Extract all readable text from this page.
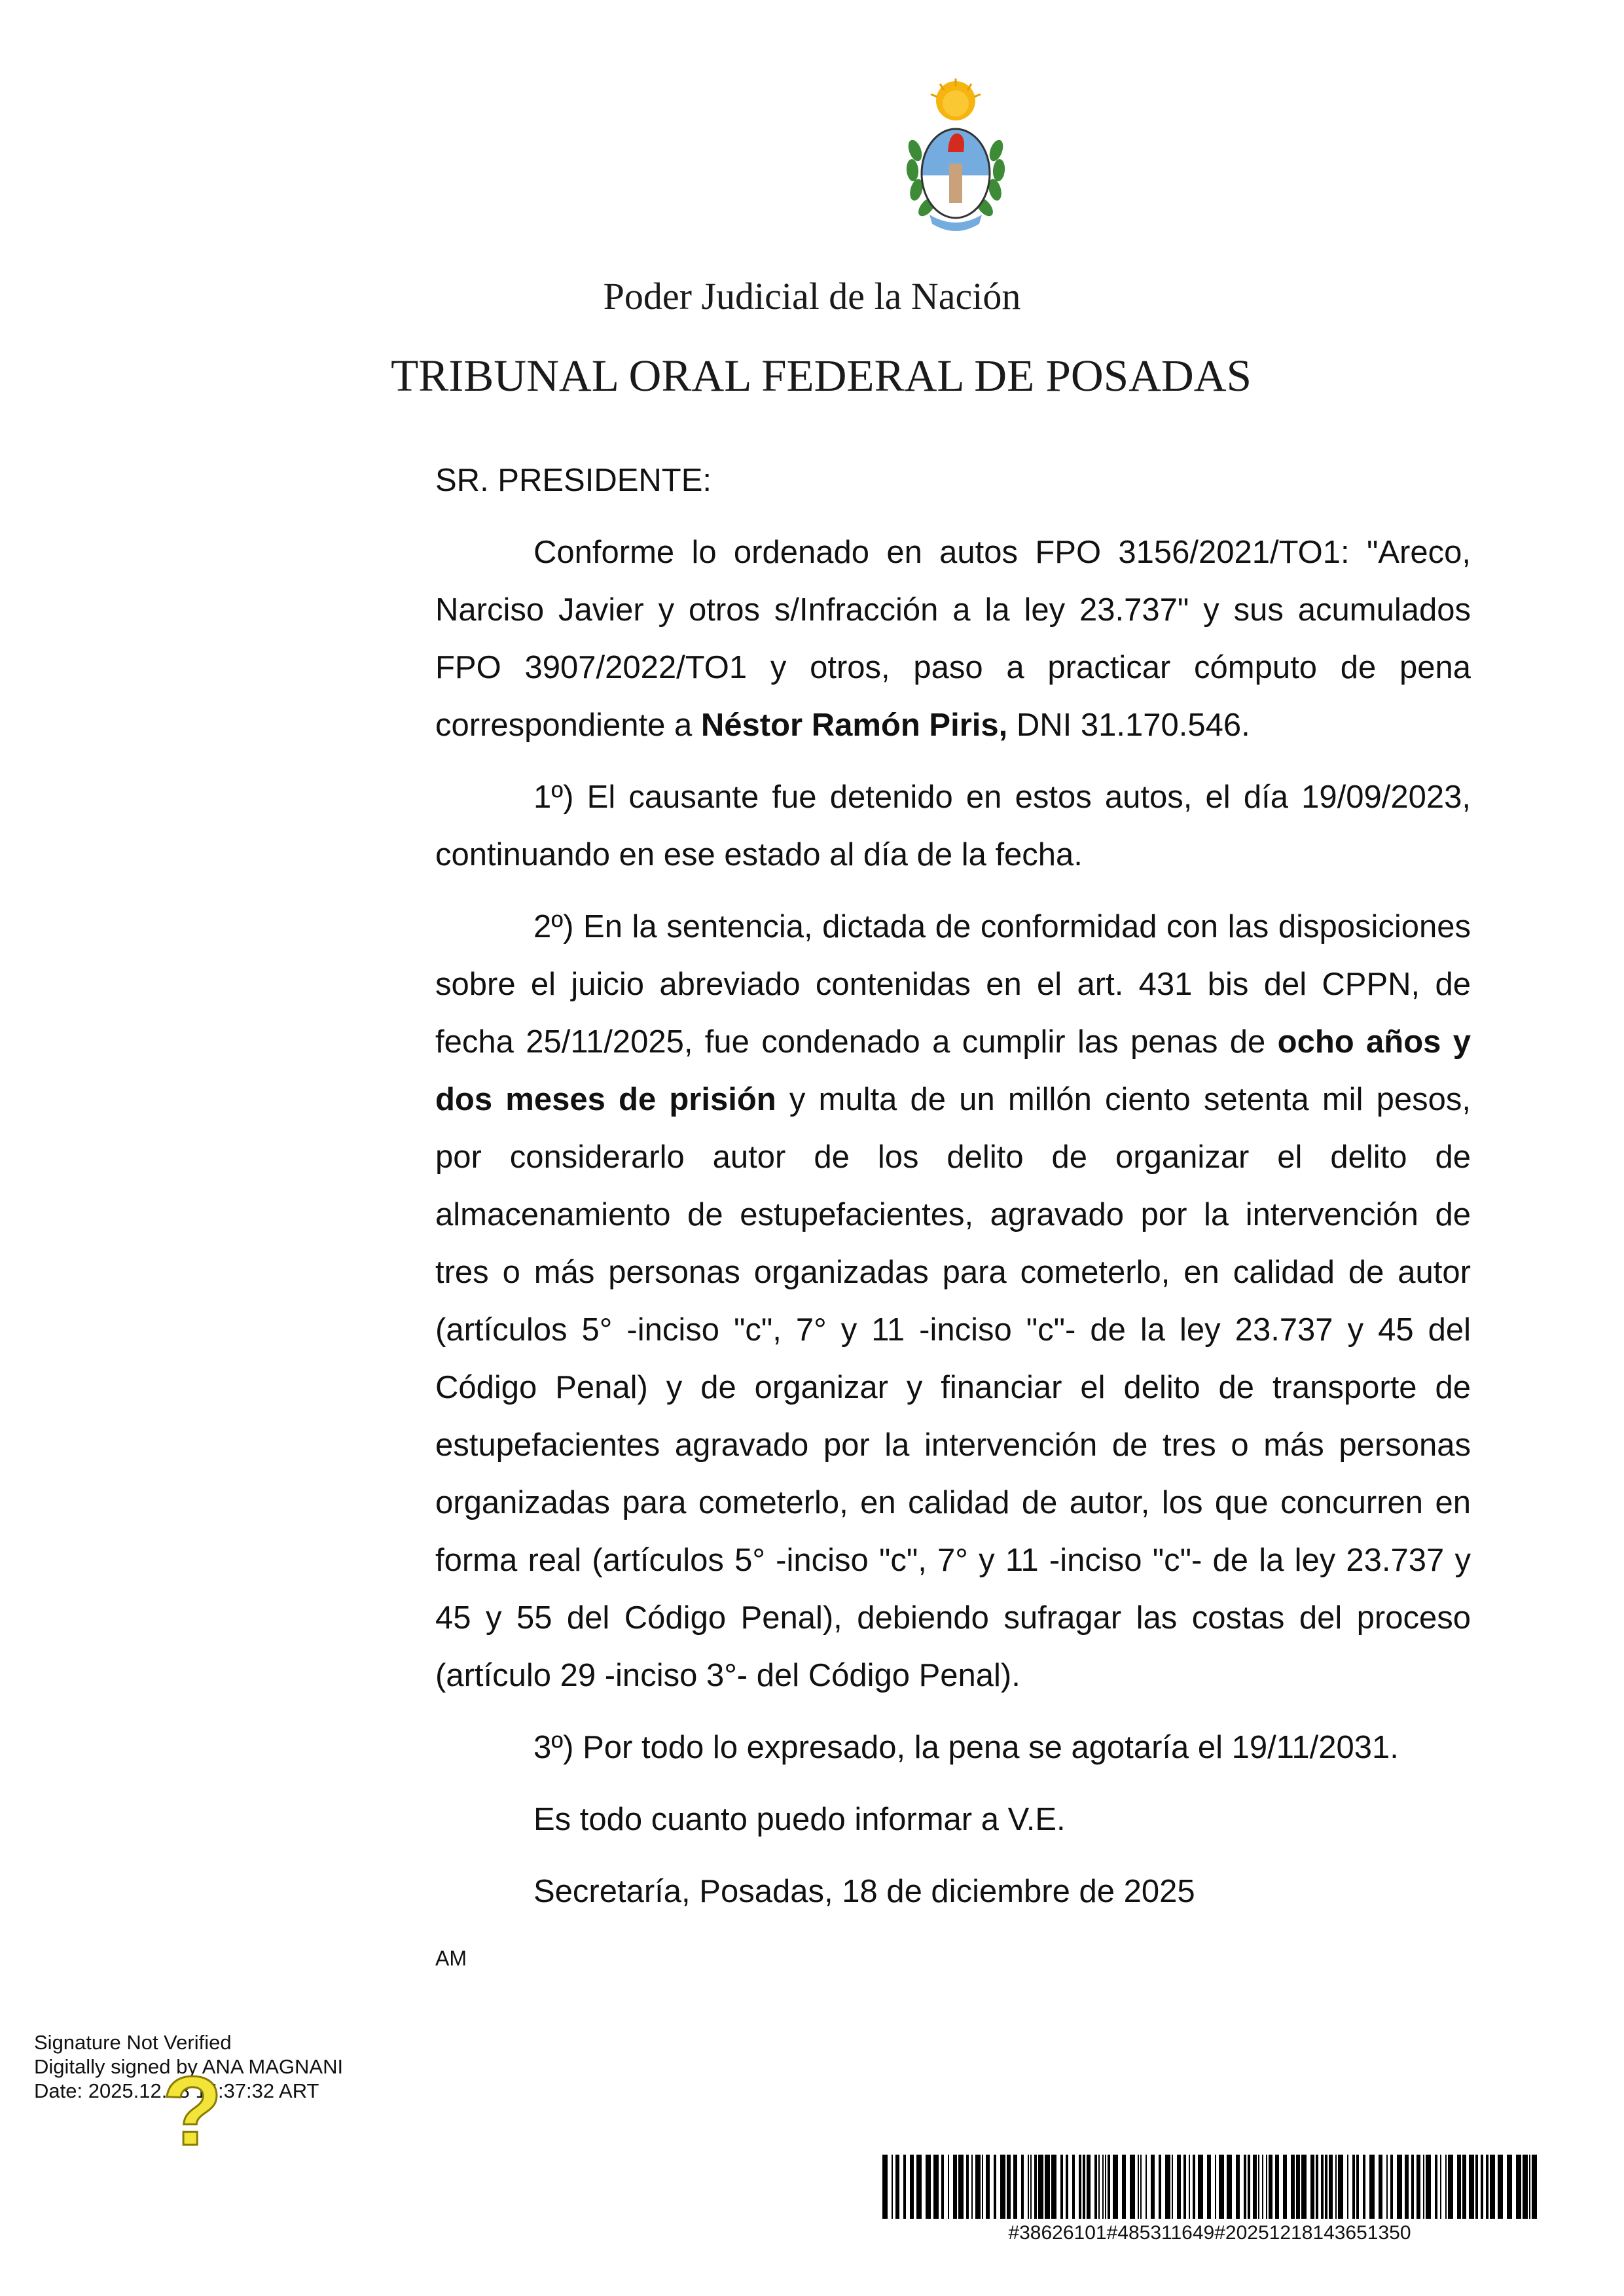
Poder Judicial de la Nación
TRIBUNAL ORAL FEDERAL DE POSADAS

SR. PRESIDENTE:

Conforme lo ordenado en autos FPO 3156/2021/TO1: "Areco, Narciso Javier y otros s/Infracción a la ley 23.737" y sus acumulados FPO 3907/2022/TO1 y otros, paso a practicar cómputo de pena correspondiente a Néstor Ramón Piris, DNI 31.170.546.

1º) El causante fue detenido en estos autos, el día 19/09/2023, continuando en ese estado al día de la fecha.

2º) En la sentencia, dictada de conformidad con las disposiciones sobre el juicio abreviado contenidas en el art. 431 bis del CPPN, de fecha 25/11/2025, fue condenado a cumplir las penas de ocho años y dos meses de prisión y multa de un millón ciento setenta mil pesos, por considerarlo autor de los delito de organizar el delito de almacenamiento de estupefacientes, agravado por la intervención de tres o más personas organizadas para cometerlo, en calidad de autor (artículos 5° -inciso "c", 7° y 11 -inciso "c"- de la ley 23.737 y 45 del Código Penal) y de organizar y financiar el delito de transporte de estupefacientes agravado por la intervención de tres o más personas organizadas para cometerlo, en calidad de autor, los que concurren en forma real (artículos 5° -inciso "c", 7° y 11 -inciso "c"- de la ley 23.737 y 45 y 55 del Código Penal), debiendo sufragar las costas del proceso (artículo 29 -inciso 3°- del Código Penal).

3º) Por todo lo expresado, la pena se agotaría el 19/11/2031.

Es todo cuanto puedo informar a V.E.

Secretaría, Posadas, 18 de diciembre de 2025

AM
Signature Not Verified
Digitally signed by ANA MAGNANI
Date: 2025.12.18 14:37:32 ART
?
#38626101#485311649#20251218143651350
